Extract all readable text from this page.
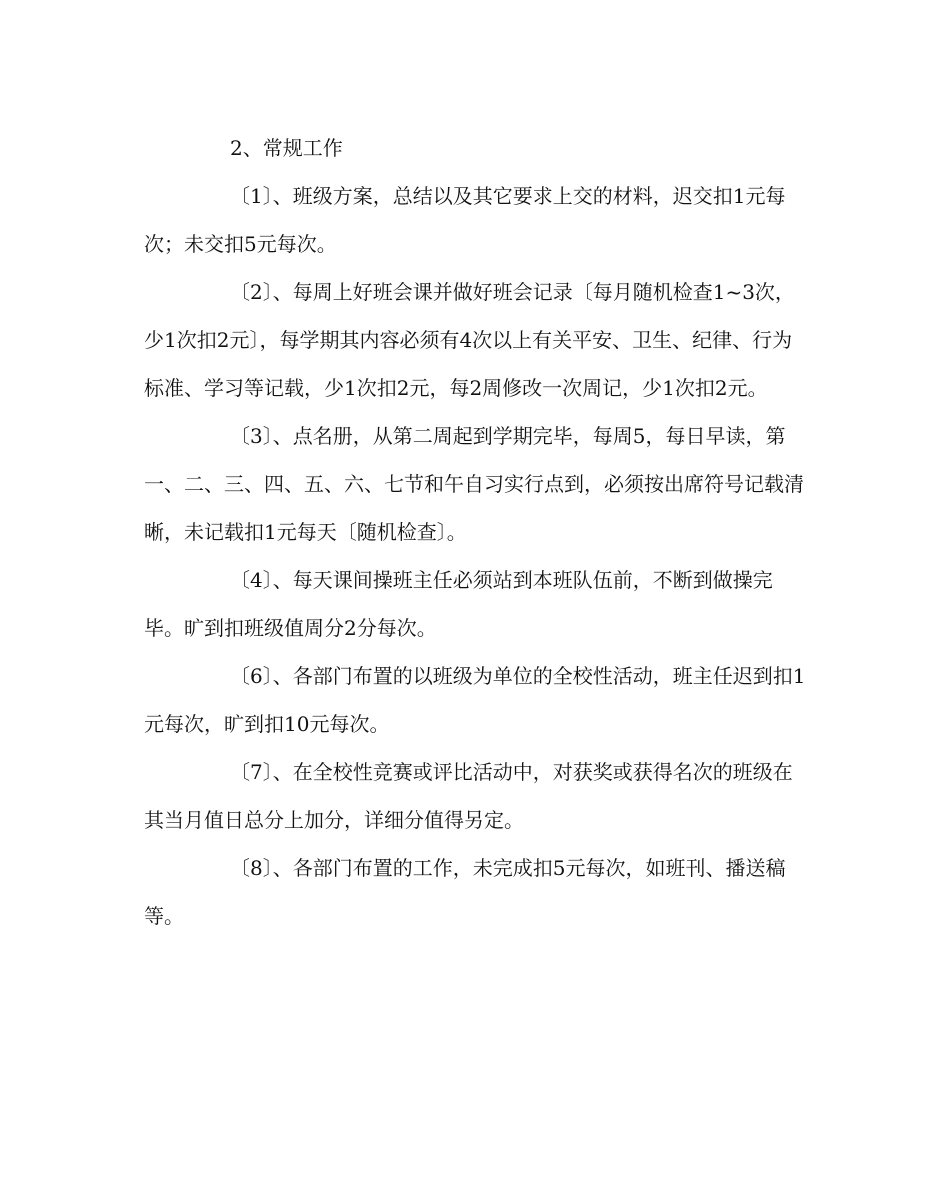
2、常规工作

〔1〕、班级方案，总结以及其它要求上交的材料，迟交扣1元每次；未交扣5元每次。

〔2〕、每周上好班会课并做好班会记录〔每月随机检查1~3次，少1次扣2元〕，每学期其内容必须有4次以上有关平安、卫生、纪律、行为标准、学习等记载，少1次扣2元，每2周修改一次周记，少1次扣2元。

〔3〕、点名册，从第二周起到学期完毕，每周5，每日早读，第一、二、三、四、五、六、七节和午自习实行点到，必须按出席符号记载清晰，未记载扣1元每天〔随机检查〕。

〔4〕、每天课间操班主任必须站到本班队伍前，不断到做操完毕。旷到扣班级值周分2分每次。

〔6〕、各部门布置的以班级为单位的全校性活动，班主任迟到扣1元每次，旷到扣10元每次。

〔7〕、在全校性竞赛或评比活动中，对获奖或获得名次的班级在其当月值日总分上加分，详细分值得另定。

〔8〕、各部门布置的工作，未完成扣5元每次，如班刊、播送稿等。
